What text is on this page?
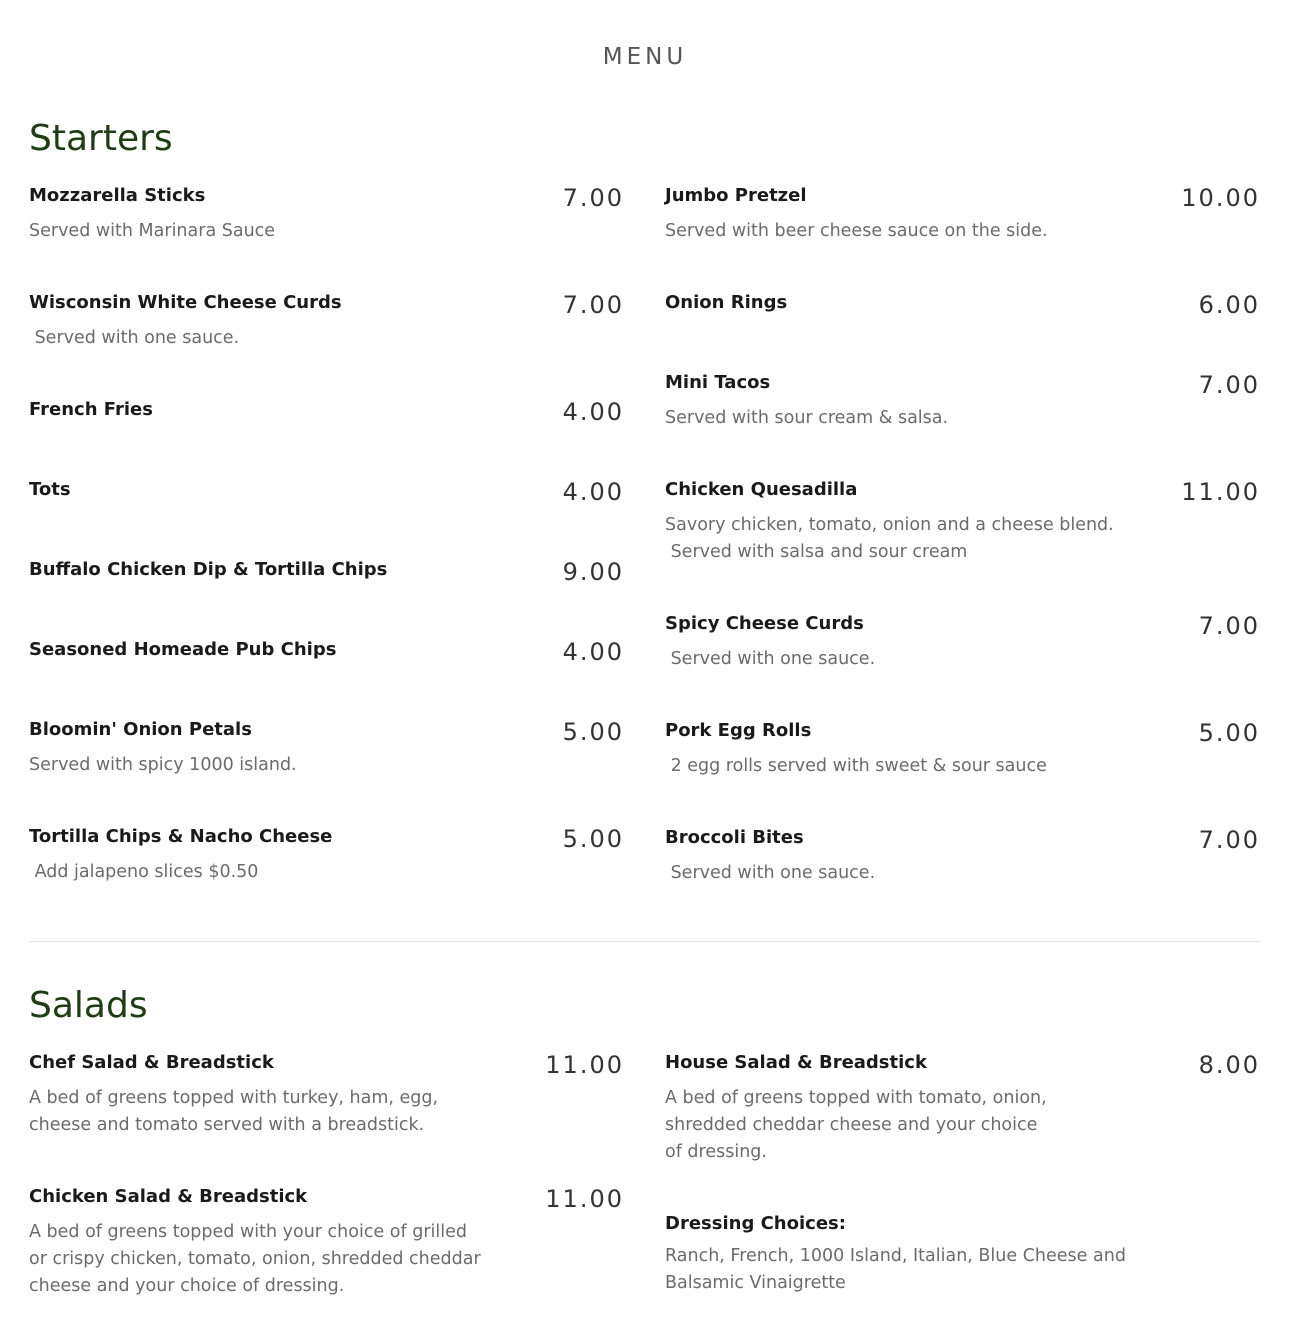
MENU
Starters
Mozzarella Sticks	7.00
Served with Marinara Sauce
Wisconsin White Cheese Curds	7.00
Served with one sauce.
French Fries	4.00
Tots	4.00
Buffalo Chicken Dip & Tortilla Chips	9.00
Seasoned Homeade Pub Chips	4.00
Bloomin' Onion Petals	5.00
Served with spicy 1000 island.
Tortilla Chips & Nacho Cheese	5.00
Add jalapeno slices $0.50
Jumbo Pretzel	10.00
Served with beer cheese sauce on the side.
Onion Rings	6.00
Mini Tacos	7.00
Served with sour cream & salsa.
Chicken Quesadilla	11.00
Savory chicken, tomato, onion and a cheese blend.
Served with salsa and sour cream
Spicy Cheese Curds	7.00
Served with one sauce.
Pork Egg Rolls	5.00
2 egg rolls served with sweet & sour sauce
Broccoli Bites	7.00
Served with one sauce.
Salads
Chef Salad & Breadstick	11.00
A bed of greens topped with turkey, ham, egg,
cheese and tomato served with a breadstick.
Chicken Salad & Breadstick	11.00
A bed of greens topped with your choice of grilled
or crispy chicken, tomato, onion, shredded cheddar
cheese and your choice of dressing.
House Salad & Breadstick	8.00
A bed of greens topped with tomato, onion,
shredded cheddar cheese and your choice
of dressing.
Dressing Choices:
Ranch, French, 1000 Island, Italian, Blue Cheese and
Balsamic Vinaigrette
